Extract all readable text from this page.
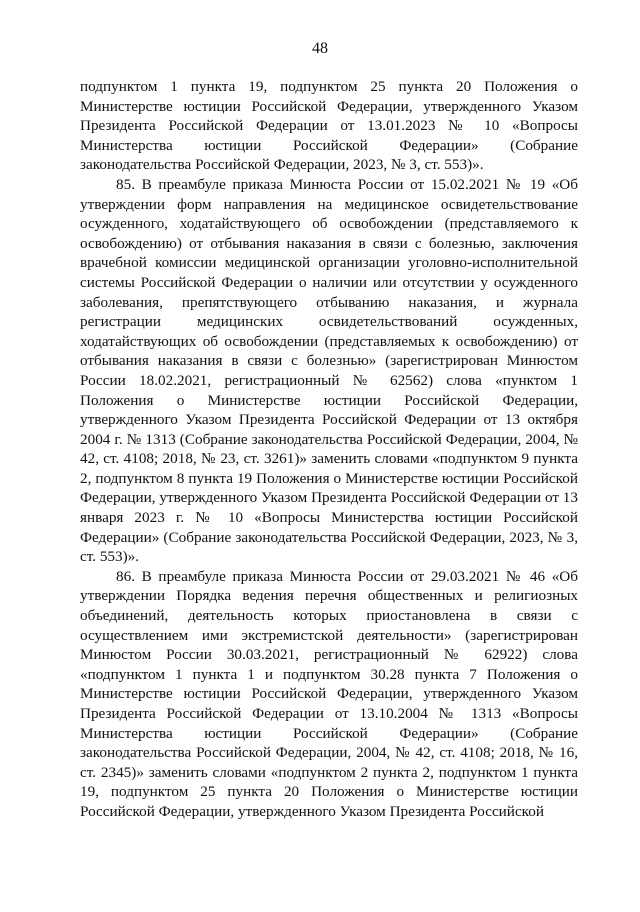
48

подпунктом 1 пункта 19, подпунктом 25 пункта 20 Положения о Министерстве юстиции Российской Федерации, утвержденного Указом Президента Российской Федерации от 13.01.2023 № 10 «Вопросы Министерства юстиции Российской Федерации» (Собрание законодательства Российской Федерации, 2023, № 3, ст. 553)».

85. В преамбуле приказа Минюста России от 15.02.2021 № 19 «Об утверждении форм направления на медицинское освидетельствование осужденного, ходатайствующего об освобождении (представляемого к освобождению) от отбывания наказания в связи с болезнью, заключения врачебной комиссии медицинской организации уголовно-исполнительной системы Российской Федерации о наличии или отсутствии у осужденного заболевания, препятствующего отбыванию наказания, и журнала регистрации медицинских освидетельствований осужденных, ходатайствующих об освобождении (представляемых к освобождению) от отбывания наказания в связи с болезнью» (зарегистрирован Минюстом России 18.02.2021, регистрационный № 62562) слова «пунктом 1 Положения о Министерстве юстиции Российской Федерации, утвержденного Указом Президента Российской Федерации от 13 октября 2004 г. № 1313 (Собрание законодательства Российской Федерации, 2004, № 42, ст. 4108; 2018, № 23, ст. 3261)» заменить словами «подпунктом 9 пункта 2, подпунктом 8 пункта 19 Положения о Министерстве юстиции Российской Федерации, утвержденного Указом Президента Российской Федерации от 13 января 2023 г. № 10 «Вопросы Министерства юстиции Российской Федерации» (Собрание законодательства Российской Федерации, 2023, № 3, ст. 553)».

86. В преамбуле приказа Минюста России от 29.03.2021 № 46 «Об утверждении Порядка ведения перечня общественных и религиозных объединений, деятельность которых приостановлена в связи с осуществлением ими экстремистской деятельности» (зарегистрирован Минюстом России 30.03.2021, регистрационный № 62922) слова «подпунктом 1 пункта 1 и подпунктом 30.28 пункта 7 Положения о Министерстве юстиции Российской Федерации, утвержденного Указом Президента Российской Федерации от 13.10.2004 № 1313 «Вопросы Министерства юстиции Российской Федерации» (Собрание законодательства Российской Федерации, 2004, № 42, ст. 4108; 2018, № 16, ст. 2345)» заменить словами «подпунктом 2 пункта 2, подпунктом 1 пункта 19, подпунктом 25 пункта 20 Положения о Министерстве юстиции Российской Федерации, утвержденного Указом Президента Российской
